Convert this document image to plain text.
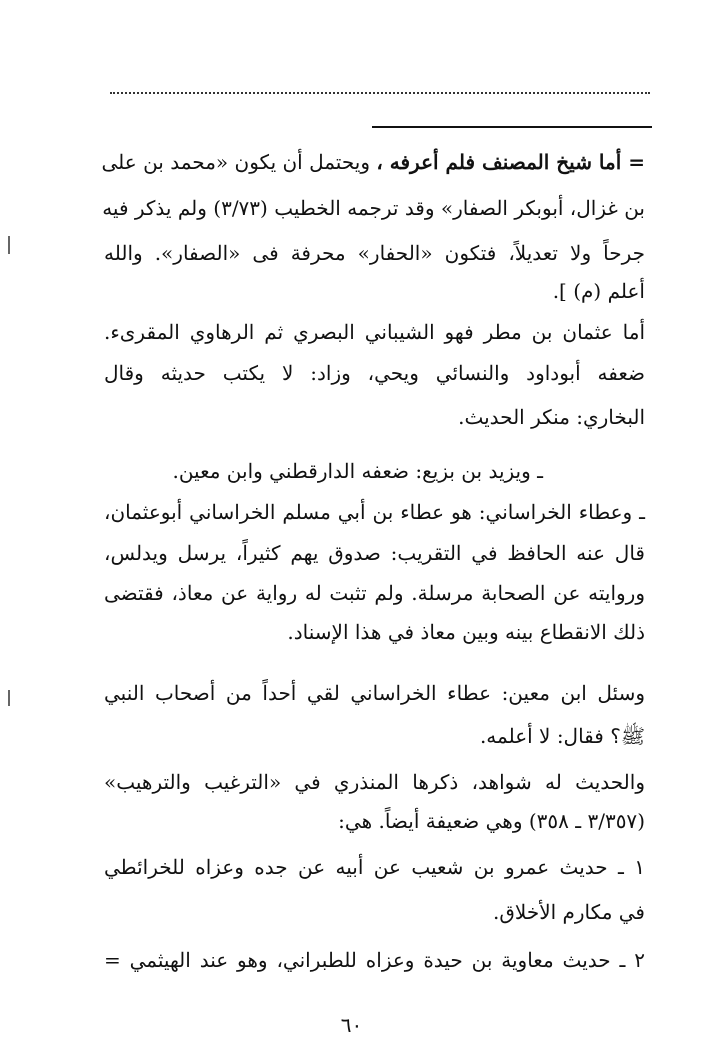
= أما شيخ المصنف فلم أعرفه ، ويحتمل أن يكون «محمد بن على
بن غزال، أبوبكر الصفار» وقد ترجمه الخطيب (٣/٧٣) ولم يذكر فيه
جرحاً ولا تعديلاً، فتكون «الحفار» محرفة فى «الصفار». والله
أعلم (م) ].
أما عثمان بن مطر فهو الشيباني البصري ثم الرهاوي المقرىء.
ضعفه أبوداود والنسائي ويحي، وزاد: لا يكتب حديثه وقال
البخاري: منكر الحديث.
ـ ويزيد بن بزيع: ضعفه الدارقطني وابن معين.
ـ وعطاء الخراساني: هو عطاء بن أبي مسلم الخراساني أبوعثمان،
قال عنه الحافظ في التقريب: صدوق يهم كثيراً، يرسل ويدلس،
وروايته عن الصحابة مرسلة. ولم تثبت له رواية عن معاذ، فقتضى
ذلك الانقطاع بينه وبين معاذ في هذا الإسناد.
وسئل ابن معين: عطاء الخراساني لقي أحداً من أصحاب النبي
ﷺ؟ فقال: لا أعلمه.
والحديث له شواهد، ذكرها المنذري في «الترغيب والترهيب»
(٣/٣٥٧ ـ ٣٥٨) وهي ضعيفة أيضاً. هي:
١ ـ حديث عمرو بن شعيب عن أبيه عن جده وعزاه للخرائطي
في مكارم الأخلاق.
٢ ـ حديث معاوية بن حيدة وعزاه للطبراني، وهو عند الهيثمي =
٦٠
